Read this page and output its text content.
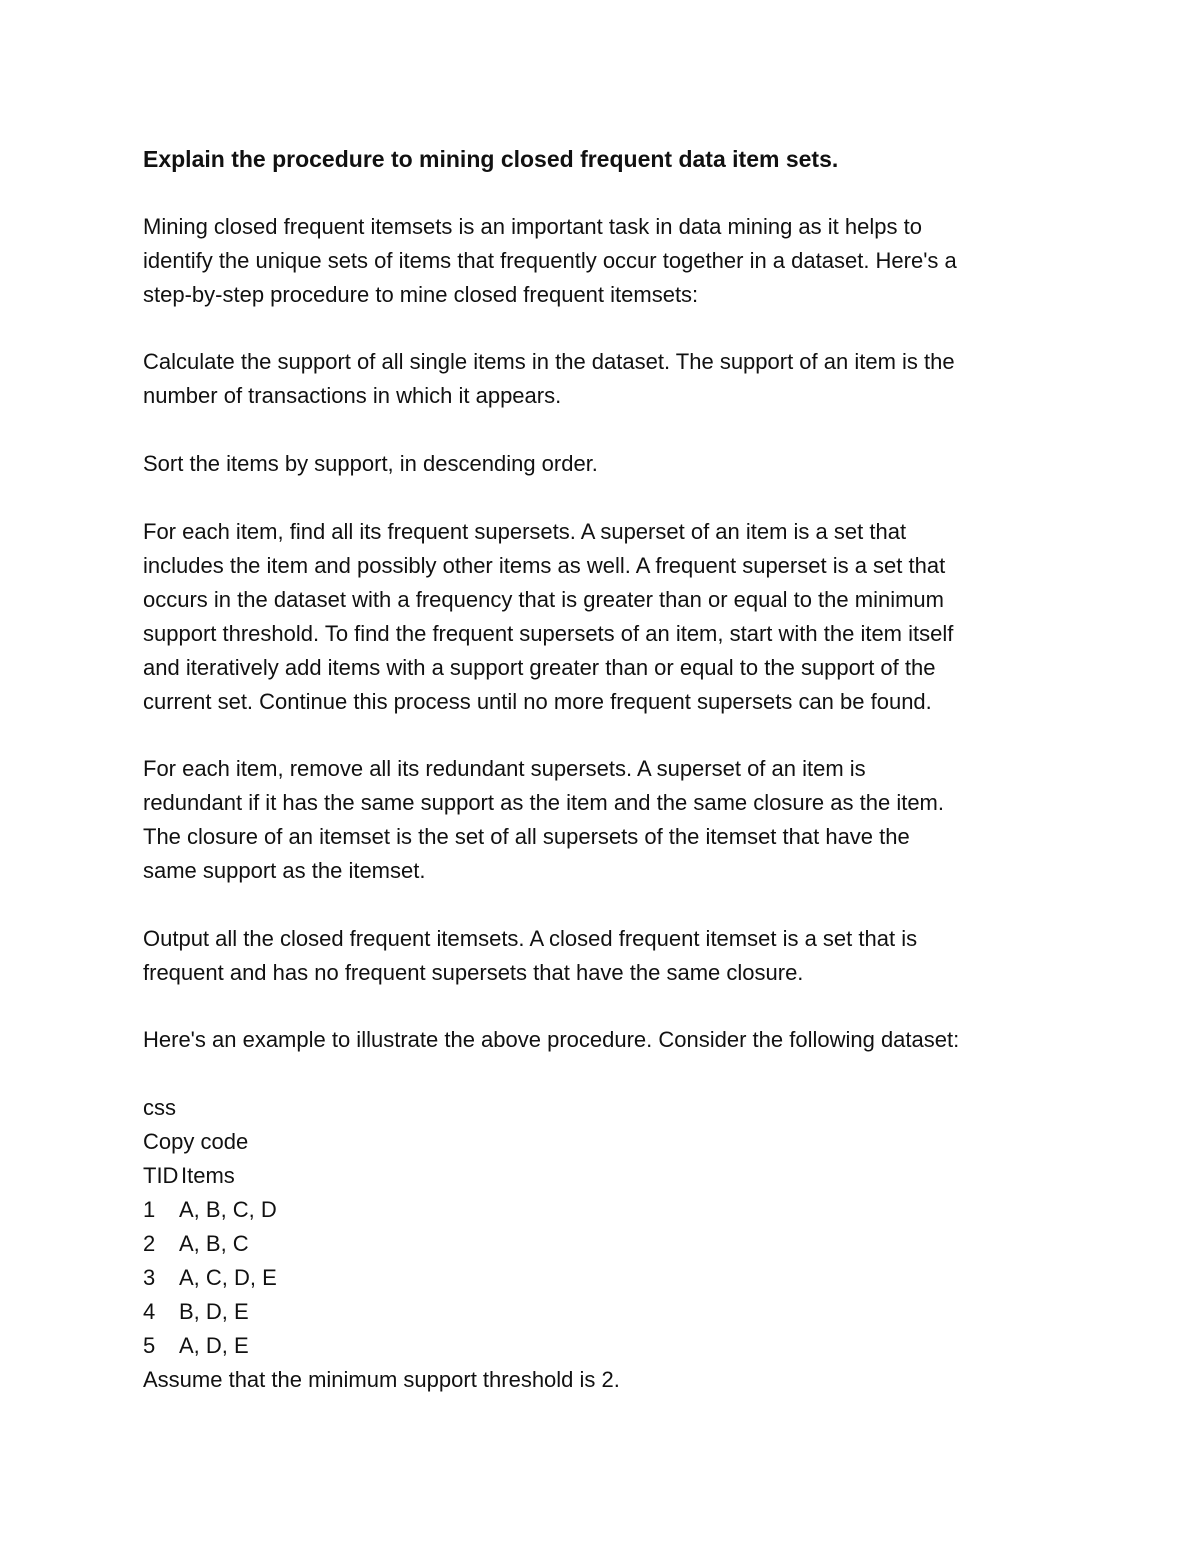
Explain the procedure to mining closed frequent data item sets.
Mining closed frequent itemsets is an important task in data mining as it helps to
identify the unique sets of items that frequently occur together in a dataset. Here's a
step-by-step procedure to mine closed frequent itemsets:
Calculate the support of all single items in the dataset. The support of an item is the
number of transactions in which it appears.
Sort the items by support, in descending order.
For each item, find all its frequent supersets. A superset of an item is a set that
includes the item and possibly other items as well. A frequent superset is a set that
occurs in the dataset with a frequency that is greater than or equal to the minimum
support threshold. To find the frequent supersets of an item, start with the item itself
and iteratively add items with a support greater than or equal to the support of the
current set. Continue this process until no more frequent supersets can be found.
For each item, remove all its redundant supersets. A superset of an item is
redundant if it has the same support as the item and the same closure as the item.
The closure of an itemset is the set of all supersets of the itemset that have the
same support as the itemset.
Output all the closed frequent itemsets. A closed frequent itemset is a set that is
frequent and has no frequent supersets that have the same closure.
Here's an example to illustrate the above procedure. Consider the following dataset:
css
Copy code
TID Items
1 A, B, C, D
2 A, B, C
3 A, C, D, E
4 B, D, E
5 A, D, E
Assume that the minimum support threshold is 2.
